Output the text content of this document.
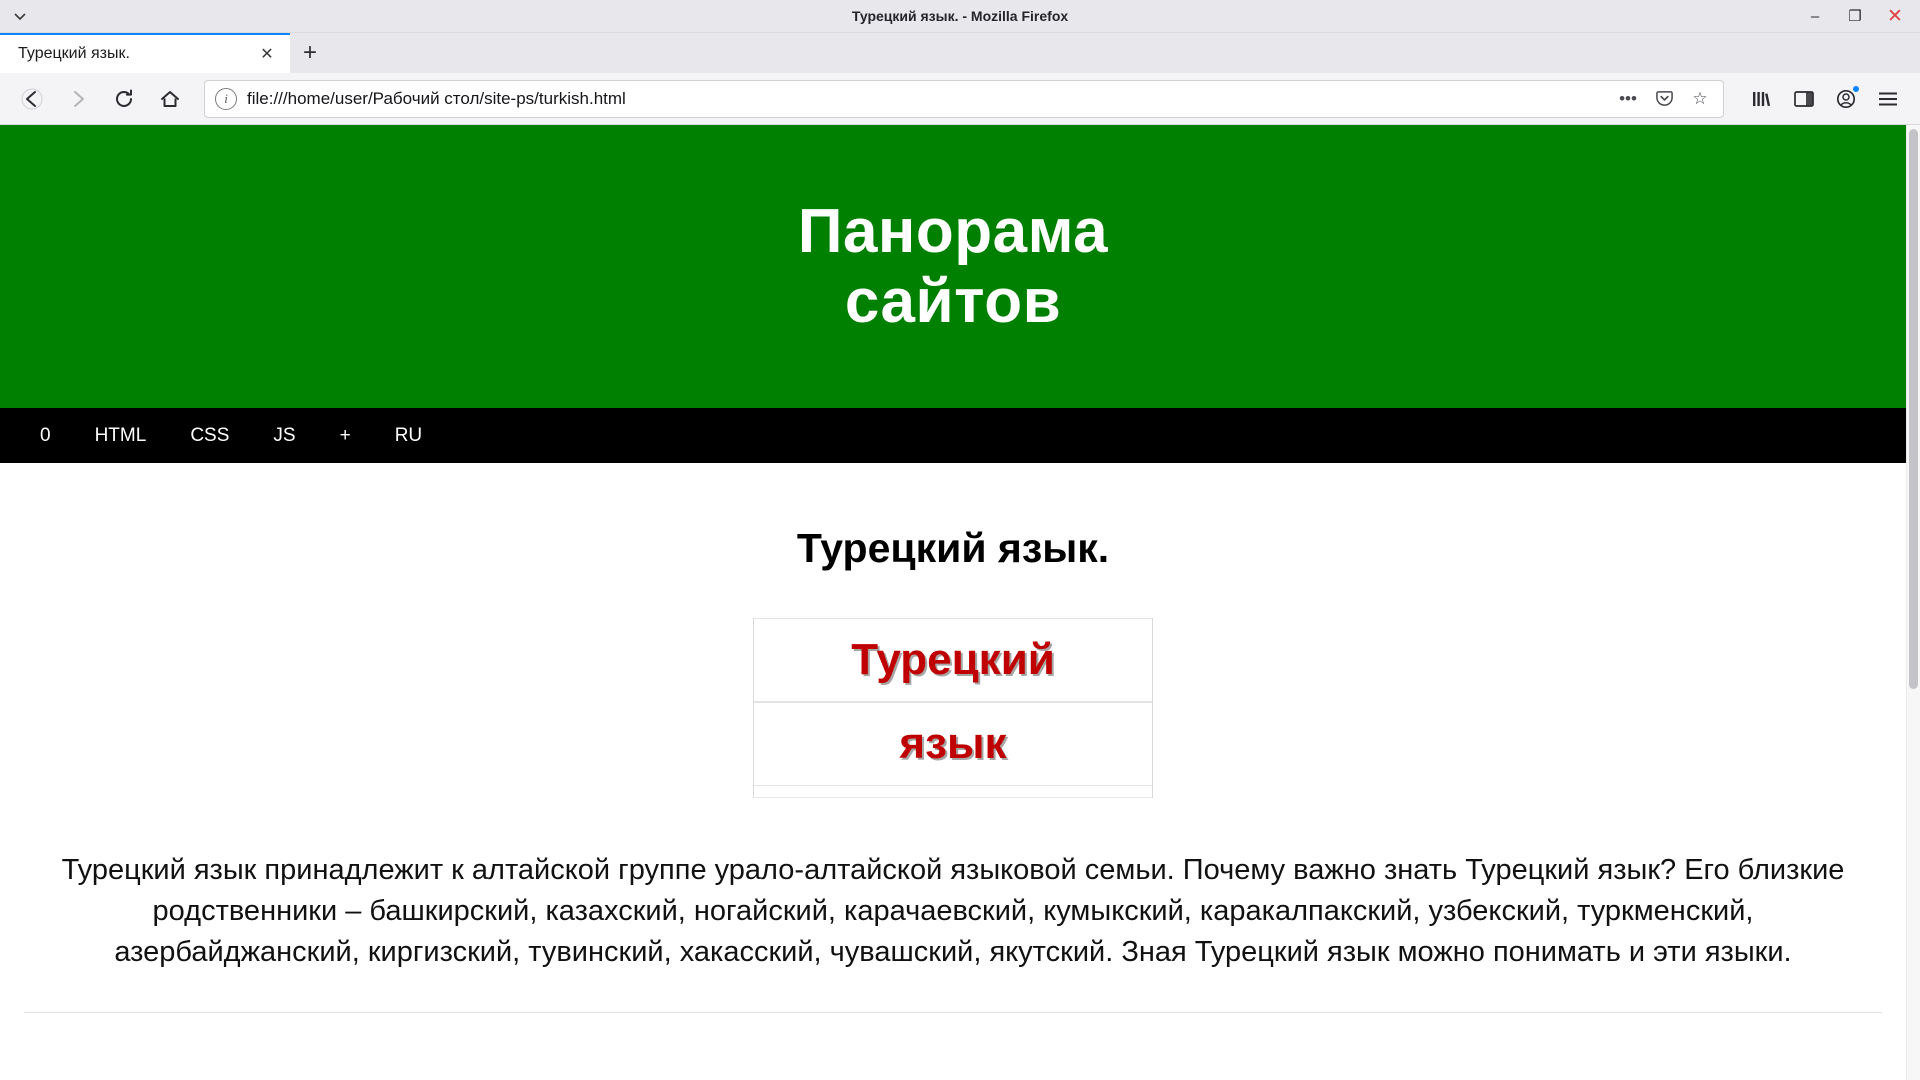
Турецкий язык. - Mozilla Firefox	–	❐ ✕
Турецкий язык.	✕	+
i	file:///home/user/Рабочий стол/site-ps/turkish.html	•••	☆
Панорама
сайтов
0	HTML	CSS	JS	+	RU
Турецкий язык.
Турецкий
язык
Турецкий язык принадлежит к алтайской группе урало-алтайской языковой семьи. Почему важно знать Турецкий язык? Его близкие родственники – башкирский, казахский, ногайский, карачаевский, кумыкский, каракалпакский, узбекский, туркменский, азербайджанский, киргизский, тувинский, хакасский, чувашский, якутский. Зная Турецкий язык можно понимать и эти языки.
